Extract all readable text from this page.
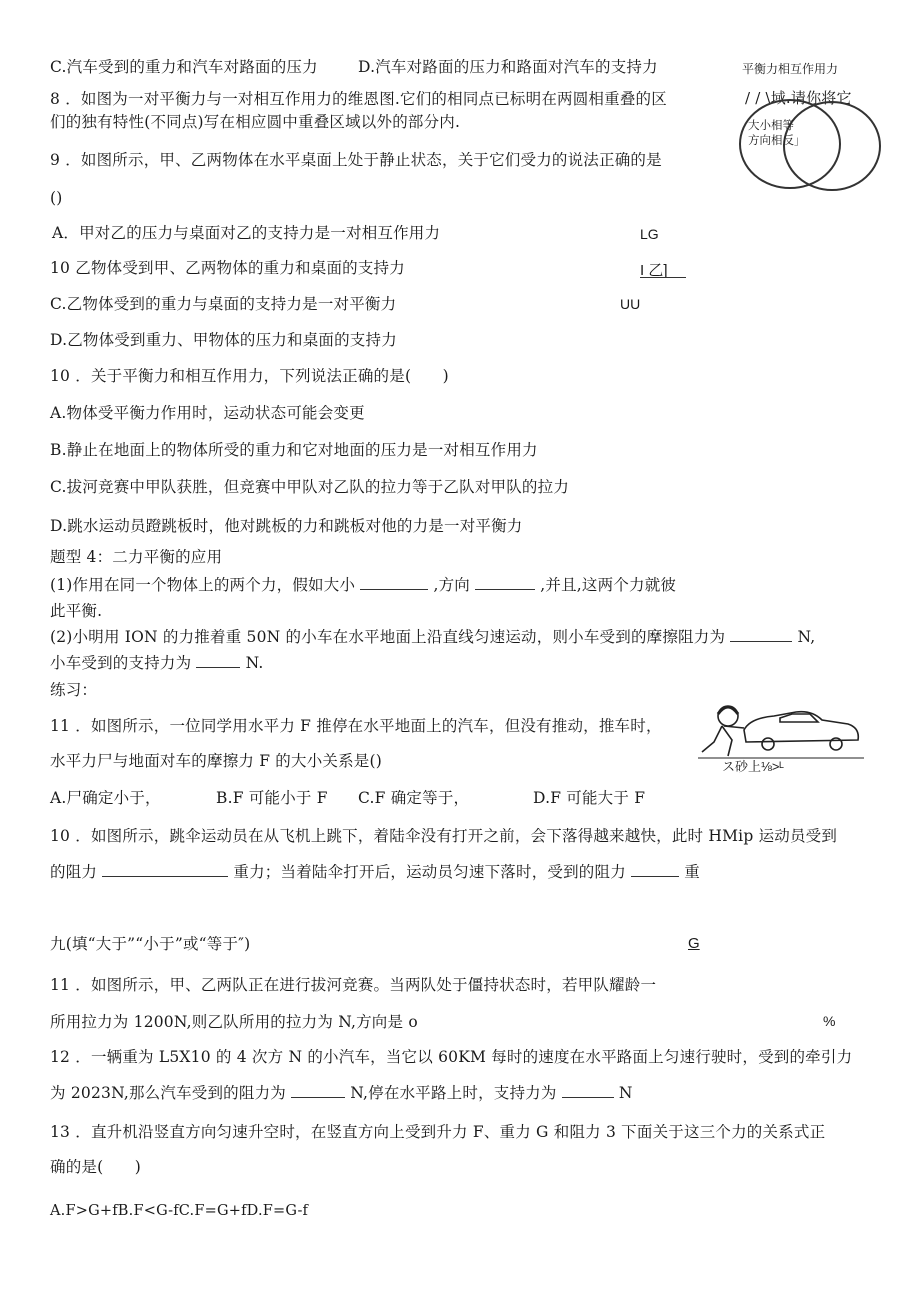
C.汽车受到的重力和汽车对路面的压力	D.汽车对路面的压力和路面对汽车的支持力	平衡力相互作用力
/ / \域.请你将它
大小相等
方向相反」
8 ．如图为一对平衡力与一对相互作用力的维恩图.它们的相同点已标明在两圆相重叠的区
们的独有特性(不同点)写在相应圆中重叠区域以外的部分内.
9 ．如图所示，甲、乙两物体在水平桌面上处于静止状态，关于它们受力的说法正确的是
()
A．甲对乙的压力与桌面对乙的支持力是一对相互作用力
10 乙物体受到甲、乙两物体的重力和桌面的支持力
C.乙物体受到的重力与桌面的支持力是一对平衡力
D.乙物体受到重力、甲物体的压力和桌面的支持力
LG
I 乙]
UU
10 ．关于平衡力和相互作用力，下列说法正确的是(　　)
A.物体受平衡力作用时，运动状态可能会变更
B.静止在地面上的物体所受的重力和它对地面的压力是一对相互作用力
C.拔河竞赛中甲队获胜，但竞赛中甲队对乙队的拉力等于乙队对甲队的拉力
D.跳水运动员蹬跳板时，他对跳板的力和跳板对他的力是一对平衡力
题型 4：二力平衡的应用
(1)作用在同一个物体上的两个力，假如大小	,方向	,并且,这两个力就彼
此平衡.
(2)小明用 ION 的力推着重 50N 的小车在水平地面上沿直线匀速运动，则小车受到的摩擦阻力为	N,
小车受到的支持力为	N.
练习：
11 ．如图所示，一位同学用水平力 F 推停在水平地面上的汽车，但没有推动，推车时，
水平力尸与地面对车的摩擦力 F 的大小关系是()
A.尸确定小于，	B.F 可能小于 F C.F 确定等于，	D.F 可能大于 F
ス砂上⅛>ᴸ
10 ．如图所示，跳伞运动员在从飞机上跳下，着陆伞没有打开之前，会下落得越来越快，此时 HMip 运动员受到
的阻力	重力；当着陆伞打开后，运动员匀速下落时，受到的阻力	重
九(填“大于”“小于”或“等于″)	G
11 ．如图所示，甲、乙两队正在进行拔河竞赛。当两队处于僵持状态时，若甲队耀龄一
所用拉力为 1200N,则乙队所用的拉力为 N,方向是 o	%
12 ．一辆重为 L5X10 的 4 次方 N 的小汽车，当它以 60KM 每时的速度在水平路面上匀速行驶时，受到的牵引力
为 2023N,那么汽车受到的阻力为	N,停在水平路上时，支持力为	N
13 ．直升机沿竖直方向匀速升空时，在竖直方向上受到升力 F、重力 G 和阻力 3 下面关于这三个力的关系式正
确的是(　　)
A.F>G+fB.F<G-fC.F=G+fD.F=G-f
